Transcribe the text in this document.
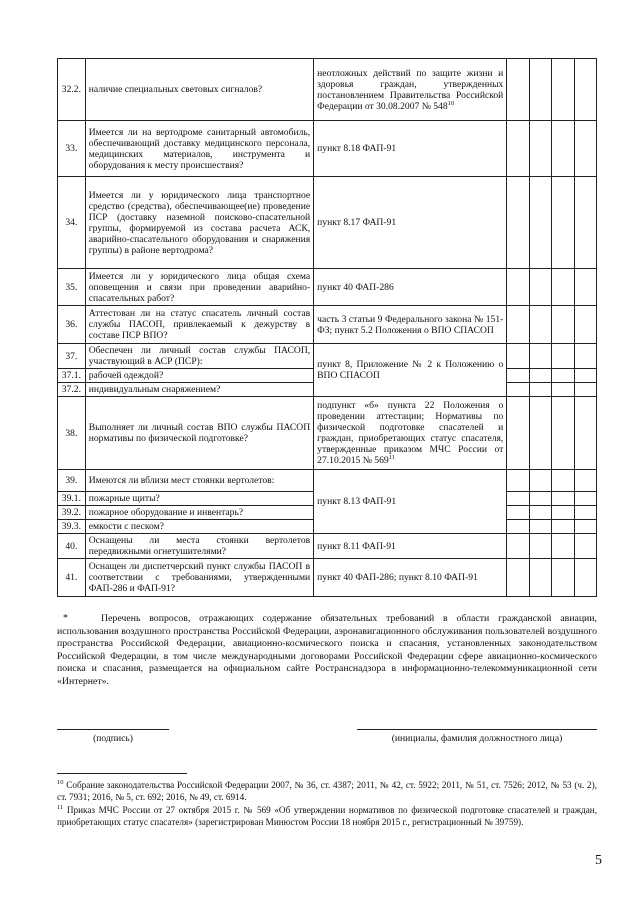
32.2.	наличие специальных световых сигналов?	неотложных действий по защите жизни и здоровья граждан, утвержденных постановлением Правительства Российской Федерации от 30.08.2007 № $548^{10}$				
33.	Имеется ли на вертодроме санитарный автомобиль, обеспечивающий доставку медицинского персонала, медицинских материалов, инструмента и оборудования к месту происшествия?	пункт 8.18 ФАП-91				
34.	Имеется ли у юридического лица транспортное средство (средства), обеспечивающее(ие) проведение ПСР (доставку наземной поисково-спасательной группы, формируемой из состава расчета АСК, аварийно-спасательного оборудования и снаряжения группы) в районе вертодрома?	пункт 8.17 ФАП-91				
35.	Имеется ли у юридического лица общая схема оповещения и связи при проведении аварийно-спасательных работ?	пункт 40 ФАП-286				
36.	Аттестован ли на статус спасатель личный состав службы ПАСОП, привлекаемый к дежурству в составе ПСР ВПО?	часть 3 статьи 9 Федерального закона № 151-ФЗ; пункт 5.2 Положения о ВПО СПАСОП				
37.	Обеспечен ли личный состав службы ПАСОП, участвующий в АСР (ПСР):	пункт 8, Приложение № 2 к Положению о ВПО СПАСОП				
37.1.	рабочей одеждой?					
37.2.	индивидуальным снаряжением?					
38.	Выполняет ли личный состав ВПО службы ПАСОП нормативы по физической подготовке?	подпункт «б» пункта 22 Положения о проведении аттестации; Нормативы по физической подготовке спасателей и граждан, приобретающих статус спасателя, утвержденные приказом МЧС России от 27.10.2015 № $569^{11}$				
39.	Имеются ли вблизи мест стоянки вертолетов:	пункт 8.13 ФАП-91				
39.1.	пожарные щиты?					
39.2.	пожарное оборудование и инвентарь?					
39.3.	емкости с песком?					
40.	Оснащены ли места стоянки вертолетов передвижными огнетушителями?	пункт 8.11 ФАП-91				
41.	Оснащен ли диспетчерский пункт службы ПАСОП в соответствии с требованиями, утвержденными ФАП-286 и ФАП-91?	пункт 40 ФАП-286; пункт 8.10 ФАП-91				
*	Перечень вопросов, отражающих содержание обязательных требований в области гражданской авиации, использования воздушного пространства Российской Федерации, аэронавигационного обслуживания пользователей воздушного пространства Российской Федерации, авиационно-космического поиска и спасания, установленных законодательством Российской Федерации, в том числе международными договорами Российской Федерации сфере авиационно-космического поиска и спасания, размещается на официальном сайте Ространснадзора в информационно-телекоммуникационной сети «Интернет».

(подпись)	(инициалы, фамилия должностного лица)

$^{10}$ Собрание законодательства Российской Федерации 2007, № 36, ст. 4387; 2011, № 42, ст. 5922; 2011, № 51, ст. 7526; 2012, № 53 (ч. 2), ст. 7931; 2016, № 5, ст. 692; 2016, № 49, ст. 6914.

$^{11}$ Приказ МЧС России от 27 октября 2015 г. № 569 «Об утверждении нормативов по физической подготовке спасателей и граждан, приобретающих статус спасателя» (зарегистрирован Минюстом России 18 ноября 2015 г., регистрационный № 39759).

5
